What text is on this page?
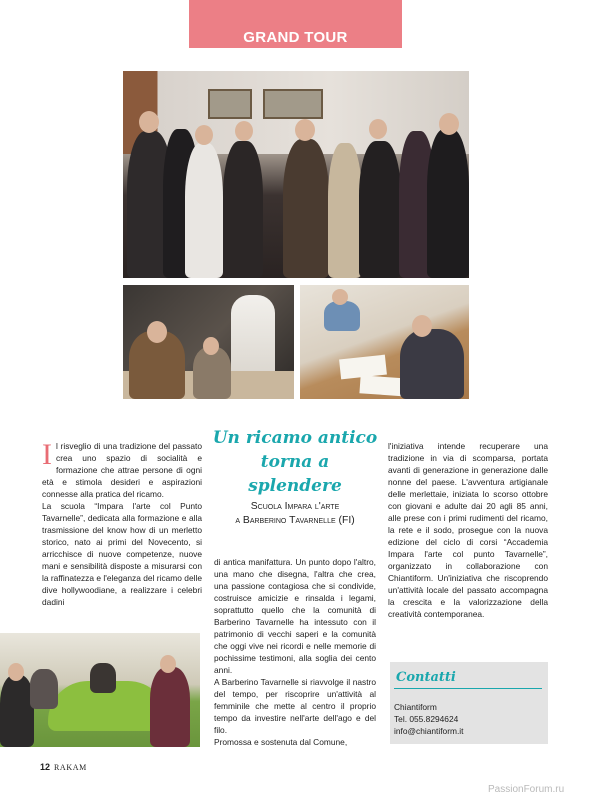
GRAND TOUR

Il risveglio di una tradizione del passato crea uno spazio di socialità e formazione che attrae persone di ogni età e stimola desideri e aspirazioni connesse alla pratica del ricamo.

La scuola “Impara l'arte col Punto Tavarnelle”, dedicata alla formazione e alla trasmissione del know how di un merletto storico, nato ai primi del Novecento, si arricchisce di nuove competenze, nuove mani e sensibilità disposte a misurarsi con la raffinatezza e l'eleganza del ricamo delle dive hollywoodiane, a realizzare i celebri dadini

Un ricamo antico
torna a splendere
Scuola Impara l'arte
a Barberino Tavarnelle (FI)

di antica manifattura. Un punto dopo l'altro, una mano che disegna, l'altra che crea, una passione contagiosa che si condivide, costruisce amicizie e rinsalda i legami, soprattutto quello che la comunità di Barberino Tavarnelle ha intessuto con il patrimonio di vecchi saperi e la comunità che oggi vive nei ricordi e nelle memorie di pochissime testimoni, alla soglia dei cento anni.

A Barberino Tavarnelle si riavvolge il nastro del tempo, per riscoprire un'attività al femminile che mette al centro il proprio tempo da investire nell'arte dell'ago e del filo.

Promossa e sostenuta dal Comune,

l'iniziativa intende recuperare una tradizione in via di scomparsa, portata avanti di generazione in generazione dalle nonne del paese. L'avventura artigianale delle merlettaie, iniziata lo scorso ottobre con giovani e adulte dai 20 agli 85 anni, alle prese con i primi rudimenti del ricamo, la rete e il sodo, prosegue con la nuova edizione del ciclo di corsi “Accademia Impara l'arte col punto Tavarnelle”, organizzato in collaborazione con Chiantiform. Un'iniziativa che riscoprendo un'attività locale del passato accompagna la crescita e la valorizzazione della creatività contemporanea.

Contatti
Chiantiform
Tel. 055.8294624
info@chiantiform.it
12 RAKAM
PassionForum.ru
